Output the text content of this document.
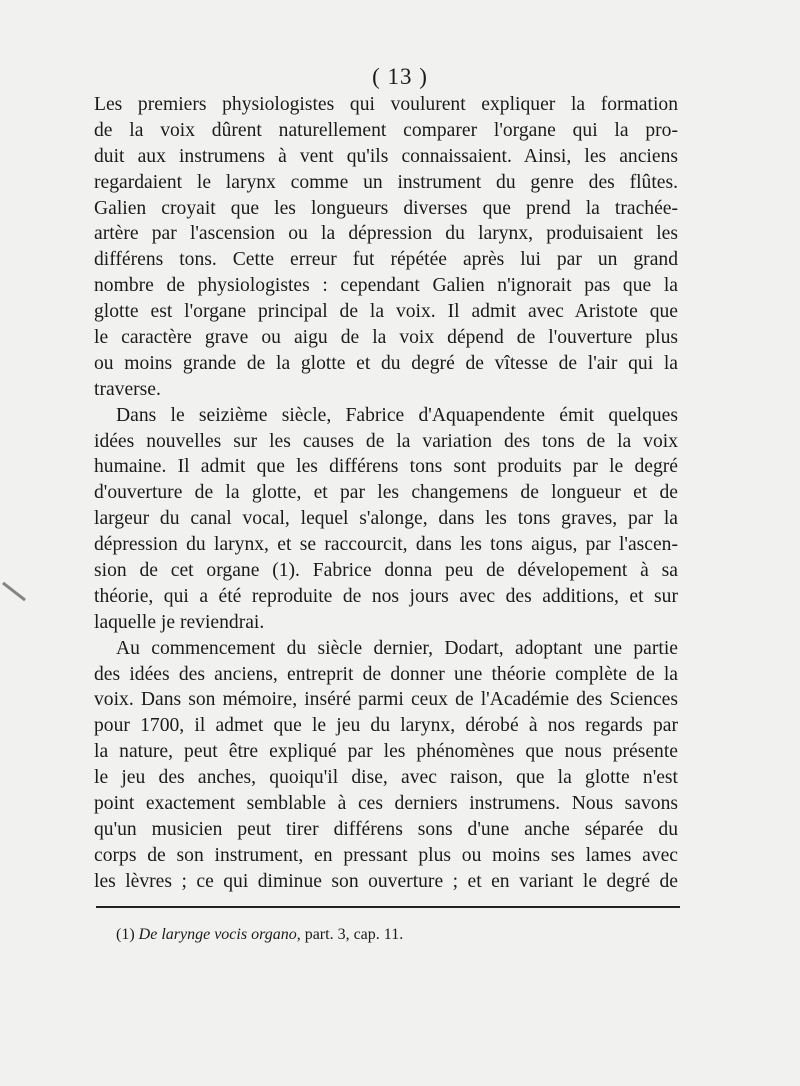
( 13 )
Les premiers physiologistes qui voulurent expliquer la formation
de la voix dûrent naturellement comparer l'organe qui la pro-
duit aux instrumens à vent qu'ils connaissaient. Ainsi, les anciens
regardaient le larynx comme un instrument du genre des flûtes.
Galien croyait que les longueurs diverses que prend la trachée-
artère par l'ascension ou la dépression du larynx, produisaient les
différens tons. Cette erreur fut répétée après lui par un grand
nombre de physiologistes : cependant Galien n'ignorait pas que la
glotte est l'organe principal de la voix. Il admit avec Aristote que
le caractère grave ou aigu de la voix dépend de l'ouverture plus
ou moins grande de la glotte et du degré de vîtesse de l'air qui la
traverse.
Dans le seizième siècle, Fabrice d'Aquapendente émit quelques
idées nouvelles sur les causes de la variation des tons de la voix
humaine. Il admit que les différens tons sont produits par le degré
d'ouverture de la glotte, et par les changemens de longueur et de
largeur du canal vocal, lequel s'alonge, dans les tons graves, par la
dépression du larynx, et se raccourcit, dans les tons aigus, par l'ascen-
sion de cet organe (1). Fabrice donna peu de dévelopement à sa
théorie, qui a été reproduite de nos jours avec des additions, et sur
laquelle je reviendrai.
Au commencement du siècle dernier, Dodart, adoptant une partie
des idées des anciens, entreprit de donner une théorie complète de la
voix. Dans son mémoire, inséré parmi ceux de l'Académie des Sciences
pour 1700, il admet que le jeu du larynx, dérobé à nos regards par
la nature, peut être expliqué par les phénomènes que nous présente
le jeu des anches, quoiqu'il dise, avec raison, que la glotte n'est
point exactement semblable à ces derniers instrumens. Nous savons
qu'un musicien peut tirer différens sons d'une anche séparée du
corps de son instrument, en pressant plus ou moins ses lames avec
les lèvres ; ce qui diminue son ouverture ; et en variant le degré de
(1) De larynge vocis organo, part. 3, cap. 11.
